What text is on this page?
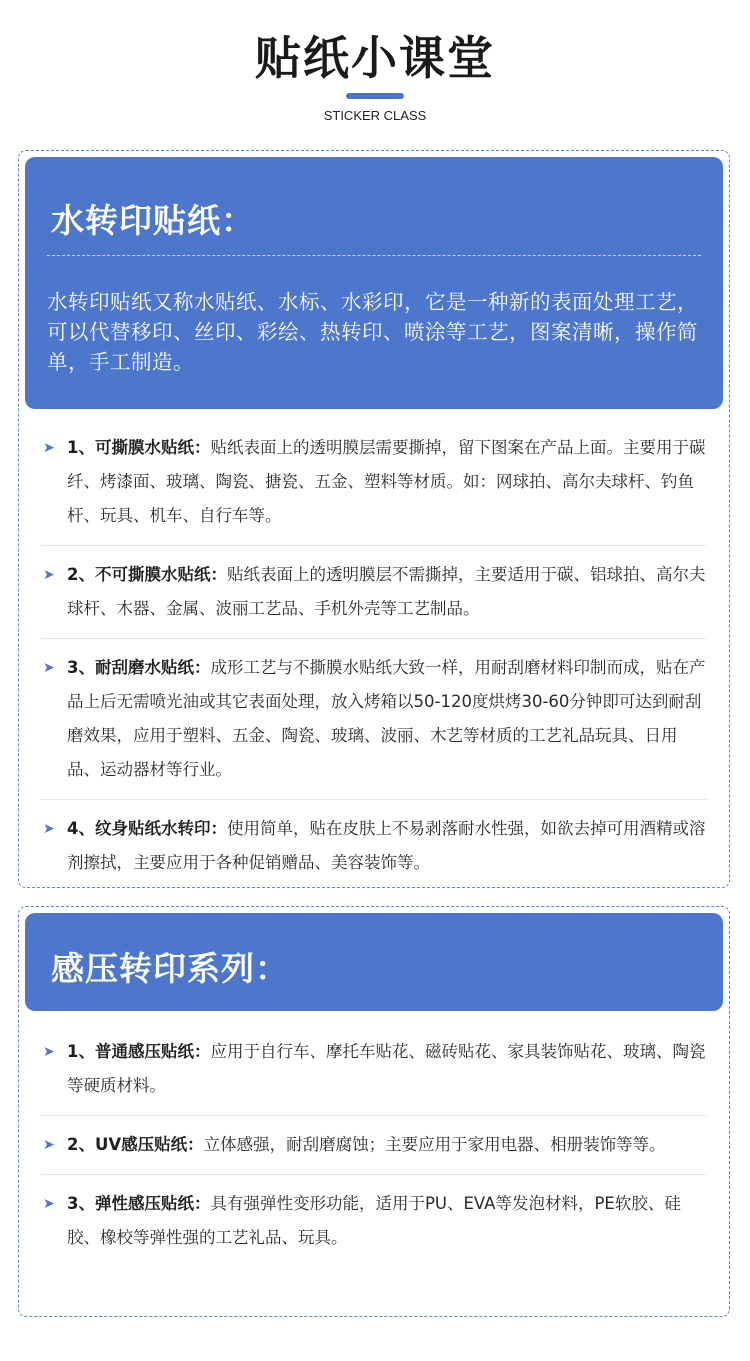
贴纸小课堂
STICKER CLASS
水转印贴纸：
水转印贴纸又称水贴纸、水标、水彩印，它是一种新的表面处理工艺，可以代替移印、丝印、彩绘、热转印、喷涂等工艺，图案清晰，操作简单，手工制造。
➤ 1、可撕膜水贴纸：贴纸表面上的透明膜层需要撕掉，留下图案在产品上面。主要用于碳纤、烤漆面、玻璃、陶瓷、搪瓷、五金、塑料等材质。如：网球拍、高尔夫球杆、钓鱼杆、玩具、机车、自行车等。
➤ 2、不可撕膜水贴纸：贴纸表面上的透明膜层不需撕掉，主要适用于碳、铝球拍、高尔夫球杆、木器、金属、波丽工艺品、手机外壳等工艺制品。
➤ 3、耐刮磨水贴纸：成形工艺与不撕膜水贴纸大致一样，用耐刮磨材料印制而成，贴在产品上后无需喷光油或其它表面处理，放入烤箱以50-120度烘烤30-60分钟即可达到耐刮磨效果，应用于塑料、五金、陶瓷、玻璃、波丽、木艺等材质的工艺礼品玩具、日用品、运动器材等行业。
➤ 4、纹身贴纸水转印：使用简单，贴在皮肤上不易剥落耐水性强，如欲去掉可用酒精或溶剂擦拭，主要应用于各种促销赠品、美容装饰等。
感压转印系列：
➤ 1、普通感压贴纸：应用于自行车、摩托车贴花、磁砖贴花、家具装饰贴花、玻璃、陶瓷等硬质材料。
➤ 2、UV感压贴纸：立体感强，耐刮磨腐蚀；主要应用于家用电器、相册装饰等等。
➤ 3、弹性感压贴纸：具有强弹性变形功能，适用于PU、EVA等发泡材料，PE软胶、硅胶、橡校等弹性强的工艺礼品、玩具。
